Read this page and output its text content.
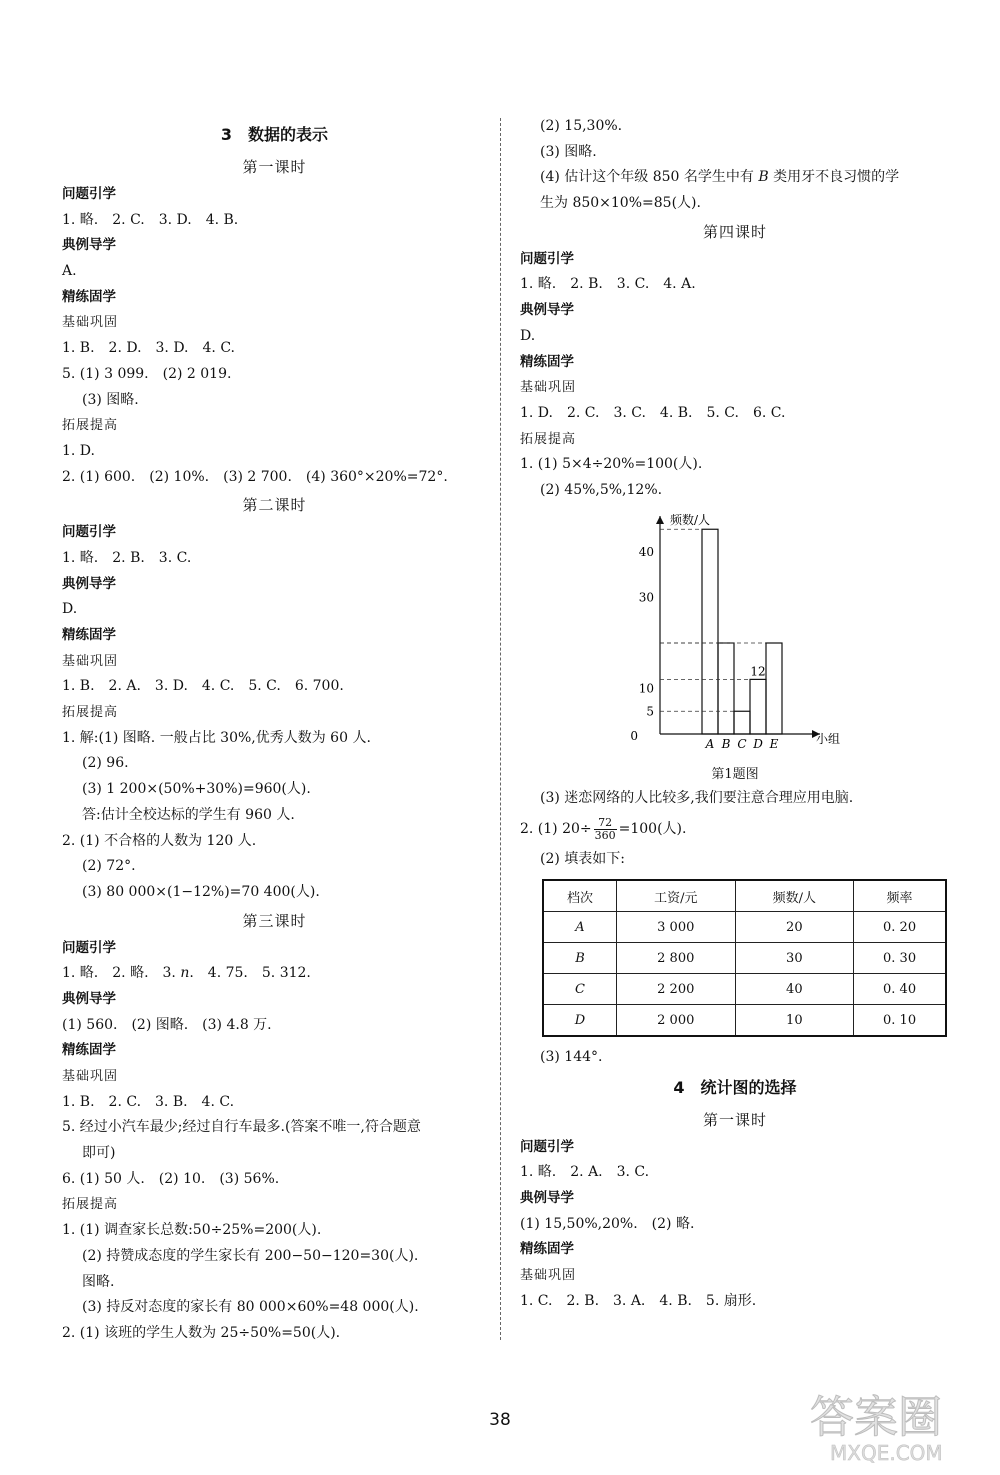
3　数据的表示
第一课时
问题引学
1. 略.　2. C.　3. D.　4. B.
典例导学
A.
精练固学
基础巩固
1. B.　2. D.　3. D.　4. C.
5. (1) 3 099.　(2) 2 019.
(3) 图略.
拓展提高
1. D.
2. (1) 600.　(2) 10%.　(3) 2 700.　(4) 360°×20%=72°.
第二课时
问题引学
1. 略.　2. B.　3. C.
典例导学
D.
精练固学
基础巩固
1. B.　2. A.　3. D.　4. C.　5. C.　6. 700.
拓展提高
1. 解:(1) 图略. 一般占比 30%,优秀人数为 60 人.
(2) 96.
(3) 1 200×(50%+30%)=960(人).
答:估计全校达标的学生有 960 人.
2. (1) 不合格的人数为 120 人.
(2) 72°.
(3) 80 000×(1−12%)=70 400(人).
第三课时
问题引学
1. 略.　2. 略.　3. n.　4. 75.　5. 312.
典例导学
(1) 560.　(2) 图略.　(3) 4.8 万.
精练固学
基础巩固
1. B.　2. C.　3. B.　4. C.
5. 经过小汽车最少;经过自行车最多.(答案不唯一,符合题意
即可)
6. (1) 50 人.　(2) 10.　(3) 56%.
拓展提高
1. (1) 调查家长总数:50÷25%=200(人).
(2) 持赞成态度的学生家长有 200−50−120=30(人).
图略.
(3) 持反对态度的家长有 80 000×60%=48 000(人).
2. (1) 该班的学生人数为 25÷50%=50(人).
(2) 15,30%.
(3) 图略.
(4) 估计这个年级 850 名学生中有 B 类用牙不良习惯的学
生为 850×10%=85(人).
第四课时
问题引学
1. 略.　2. B.　3. C.　4. A.
典例导学
D.
精练固学
基础巩固
1. D.　2. C.　3. C.　4. B.　5. C.　6. C.
拓展提高
1. (1) 5×4÷20%=100(人).
(2) 45%,5%,12%.
频数/人
小组
0
5
10
30
40
A B C D E
12
第1题图
(3) 迷恋网络的人比较多,我们要注意合理应用电脑.
2. (1) $20\div \frac{72}{360} =100$(人).
(2) 填表如下:
档次	工资/元	频数/人	频率
A	3 000	20	0. 20
B	2 800	30	0. 30
C	2 200	40	0. 40
D	2 000	10	0. 10
(3) 144°.
4　统计图的选择
第一课时
问题引学
1. 略.　2. A.　3. C.
典例导学
(1) 15,50%,20%.　(2) 略.
精练固学
基础巩固
1. C.　2. B.　3. A.　4. B.　5. 扇形.
38	答案圈
MXQE.COM
